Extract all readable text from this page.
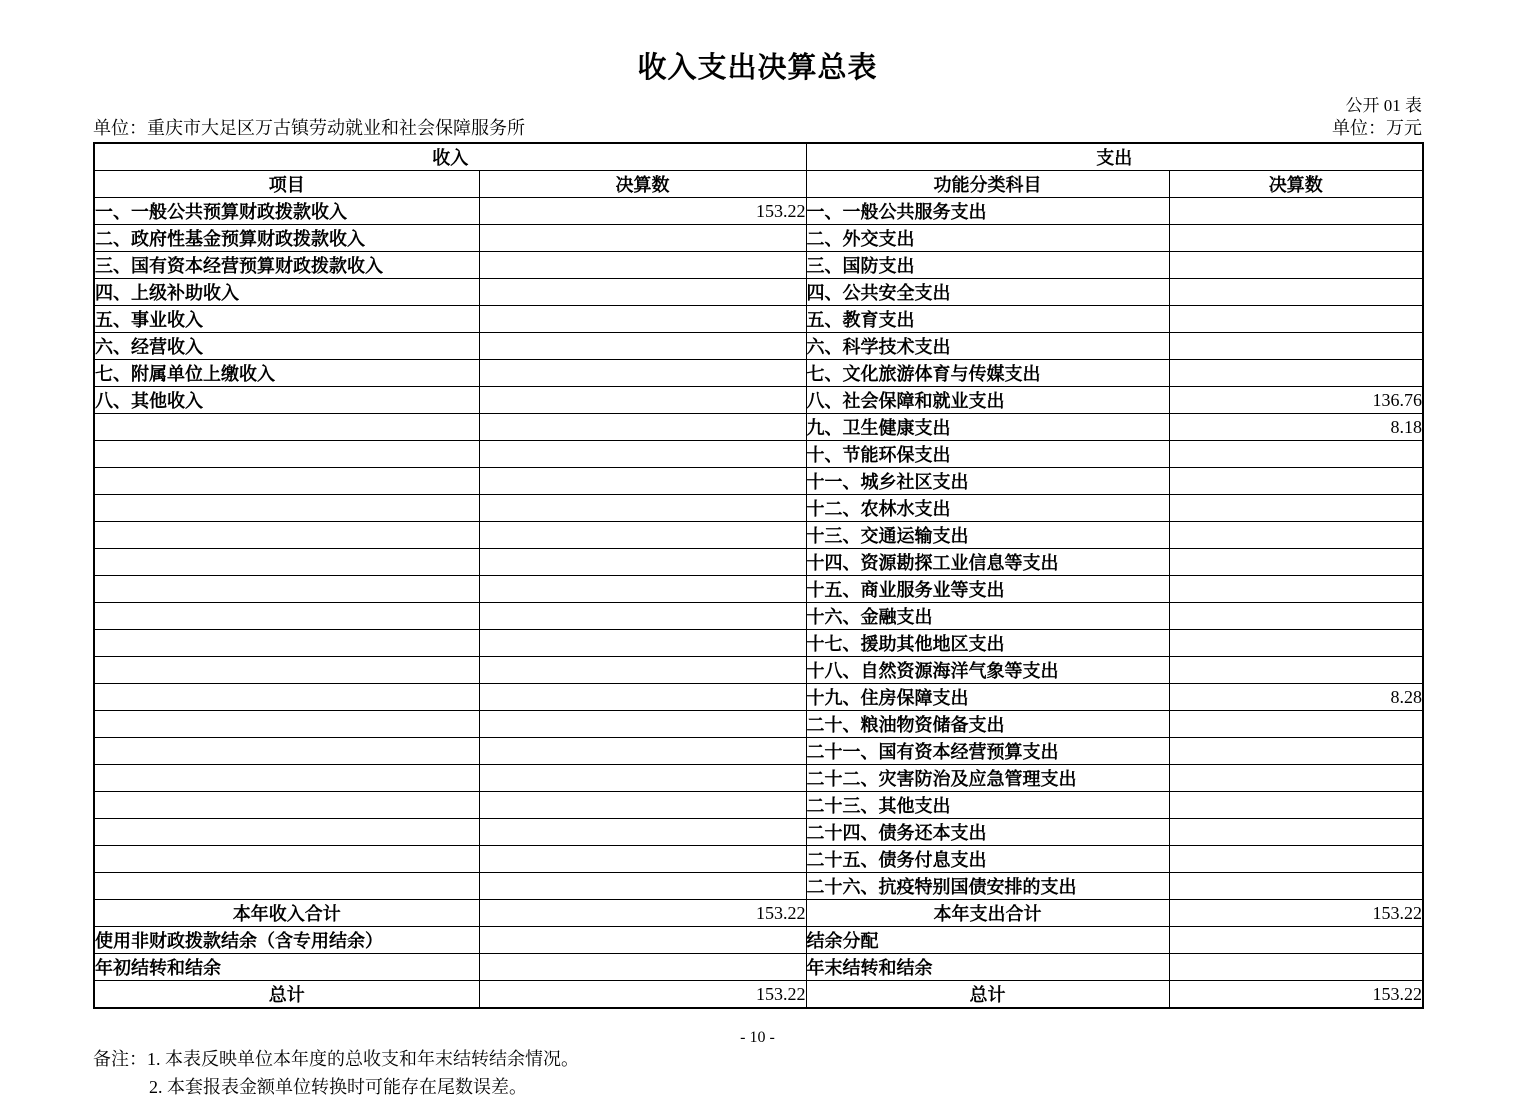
收入支出决算总表
公开 01 表
单位：重庆市大足区万古镇劳动就业和社会保障服务所	单位：万元
收入		支出	
项目	决算数	功能分类科目	决算数
一、一般公共预算财政拨款收入	153.22	一、一般公共服务支出	
二、政府性基金预算财政拨款收入		二、外交支出	
三、国有资本经营预算财政拨款收入		三、国防支出	
四、上级补助收入		四、公共安全支出	
五、事业收入		五、教育支出	
六、经营收入		六、科学技术支出	
七、附属单位上缴收入		七、文化旅游体育与传媒支出	
八、其他收入		八、社会保障和就业支出	136.76
		九、卫生健康支出	8.18
		十、节能环保支出	
		十一、城乡社区支出	
		十二、农林水支出	
		十三、交通运输支出	
		十四、资源勘探工业信息等支出	
		十五、商业服务业等支出	
		十六、金融支出	
		十七、援助其他地区支出	
		十八、自然资源海洋气象等支出	
		十九、住房保障支出	8.28
		二十、粮油物资储备支出	
		二十一、国有资本经营预算支出	
		二十二、灾害防治及应急管理支出	
		二十三、其他支出	
		二十四、债务还本支出	
		二十五、债务付息支出	
		二十六、抗疫特别国债安排的支出	
本年收入合计	153.22	本年支出合计	153.22
使用非财政拨款结余（含专用结余）		结余分配	
年初结转和结余		年末结转和结余	
总计	153.22	总计	153.22
备注：1. 本表反映单位本年度的总收支和年末结转结余情况。
2. 本套报表金额单位转换时可能存在尾数误差。
- 10 -
